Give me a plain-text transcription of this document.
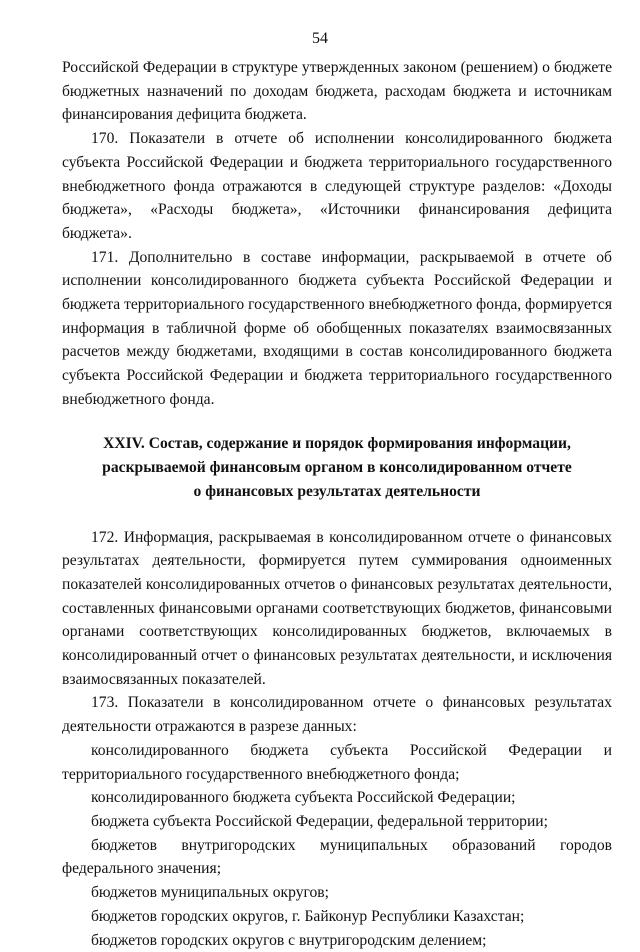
54

Российской Федерации в структуре утвержденных законом (решением) о бюджете бюджетных назначений по доходам бюджета, расходам бюджета и источникам финансирования дефицита бюджета.

170. Показатели в отчете об исполнении консолидированного бюджета субъекта Российской Федерации и бюджета территориального государственного внебюджетного фонда отражаются в следующей структуре разделов: «Доходы бюджета», «Расходы бюджета», «Источники финансирования дефицита бюджета».

171. Дополнительно в составе информации, раскрываемой в отчете об исполнении консолидированного бюджета субъекта Российской Федерации и бюджета территориального государственного внебюджетного фонда, формируется информация в табличной форме об обобщенных показателях взаимосвязанных расчетов между бюджетами, входящими в состав консолидированного бюджета субъекта Российской Федерации и бюджета территориального государственного внебюджетного фонда.

XXIV. Состав, содержание и порядок формирования информации,
раскрываемой финансовым органом в консолидированном отчете
о финансовых результатах деятельности

172. Информация, раскрываемая в консолидированном отчете о финансовых результатах деятельности, формируется путем суммирования одноименных показателей консолидированных отчетов о финансовых результатах деятельности, составленных финансовыми органами соответствующих бюджетов, финансовыми органами соответствующих консолидированных бюджетов, включаемых в консолидированный отчет о финансовых результатах деятельности, и исключения взаимосвязанных показателей.

173. Показатели в консолидированном отчете о финансовых результатах деятельности отражаются в разрезе данных:

консолидированного бюджета субъекта Российской Федерации и территориального государственного внебюджетного фонда;

консолидированного бюджета субъекта Российской Федерации;

бюджета субъекта Российской Федерации, федеральной территории;

бюджетов внутригородских муниципальных образований городов федерального значения;

бюджетов муниципальных округов;

бюджетов городских округов, г. Байконур Республики Казахстан;

бюджетов городских округов с внутригородским делением;
